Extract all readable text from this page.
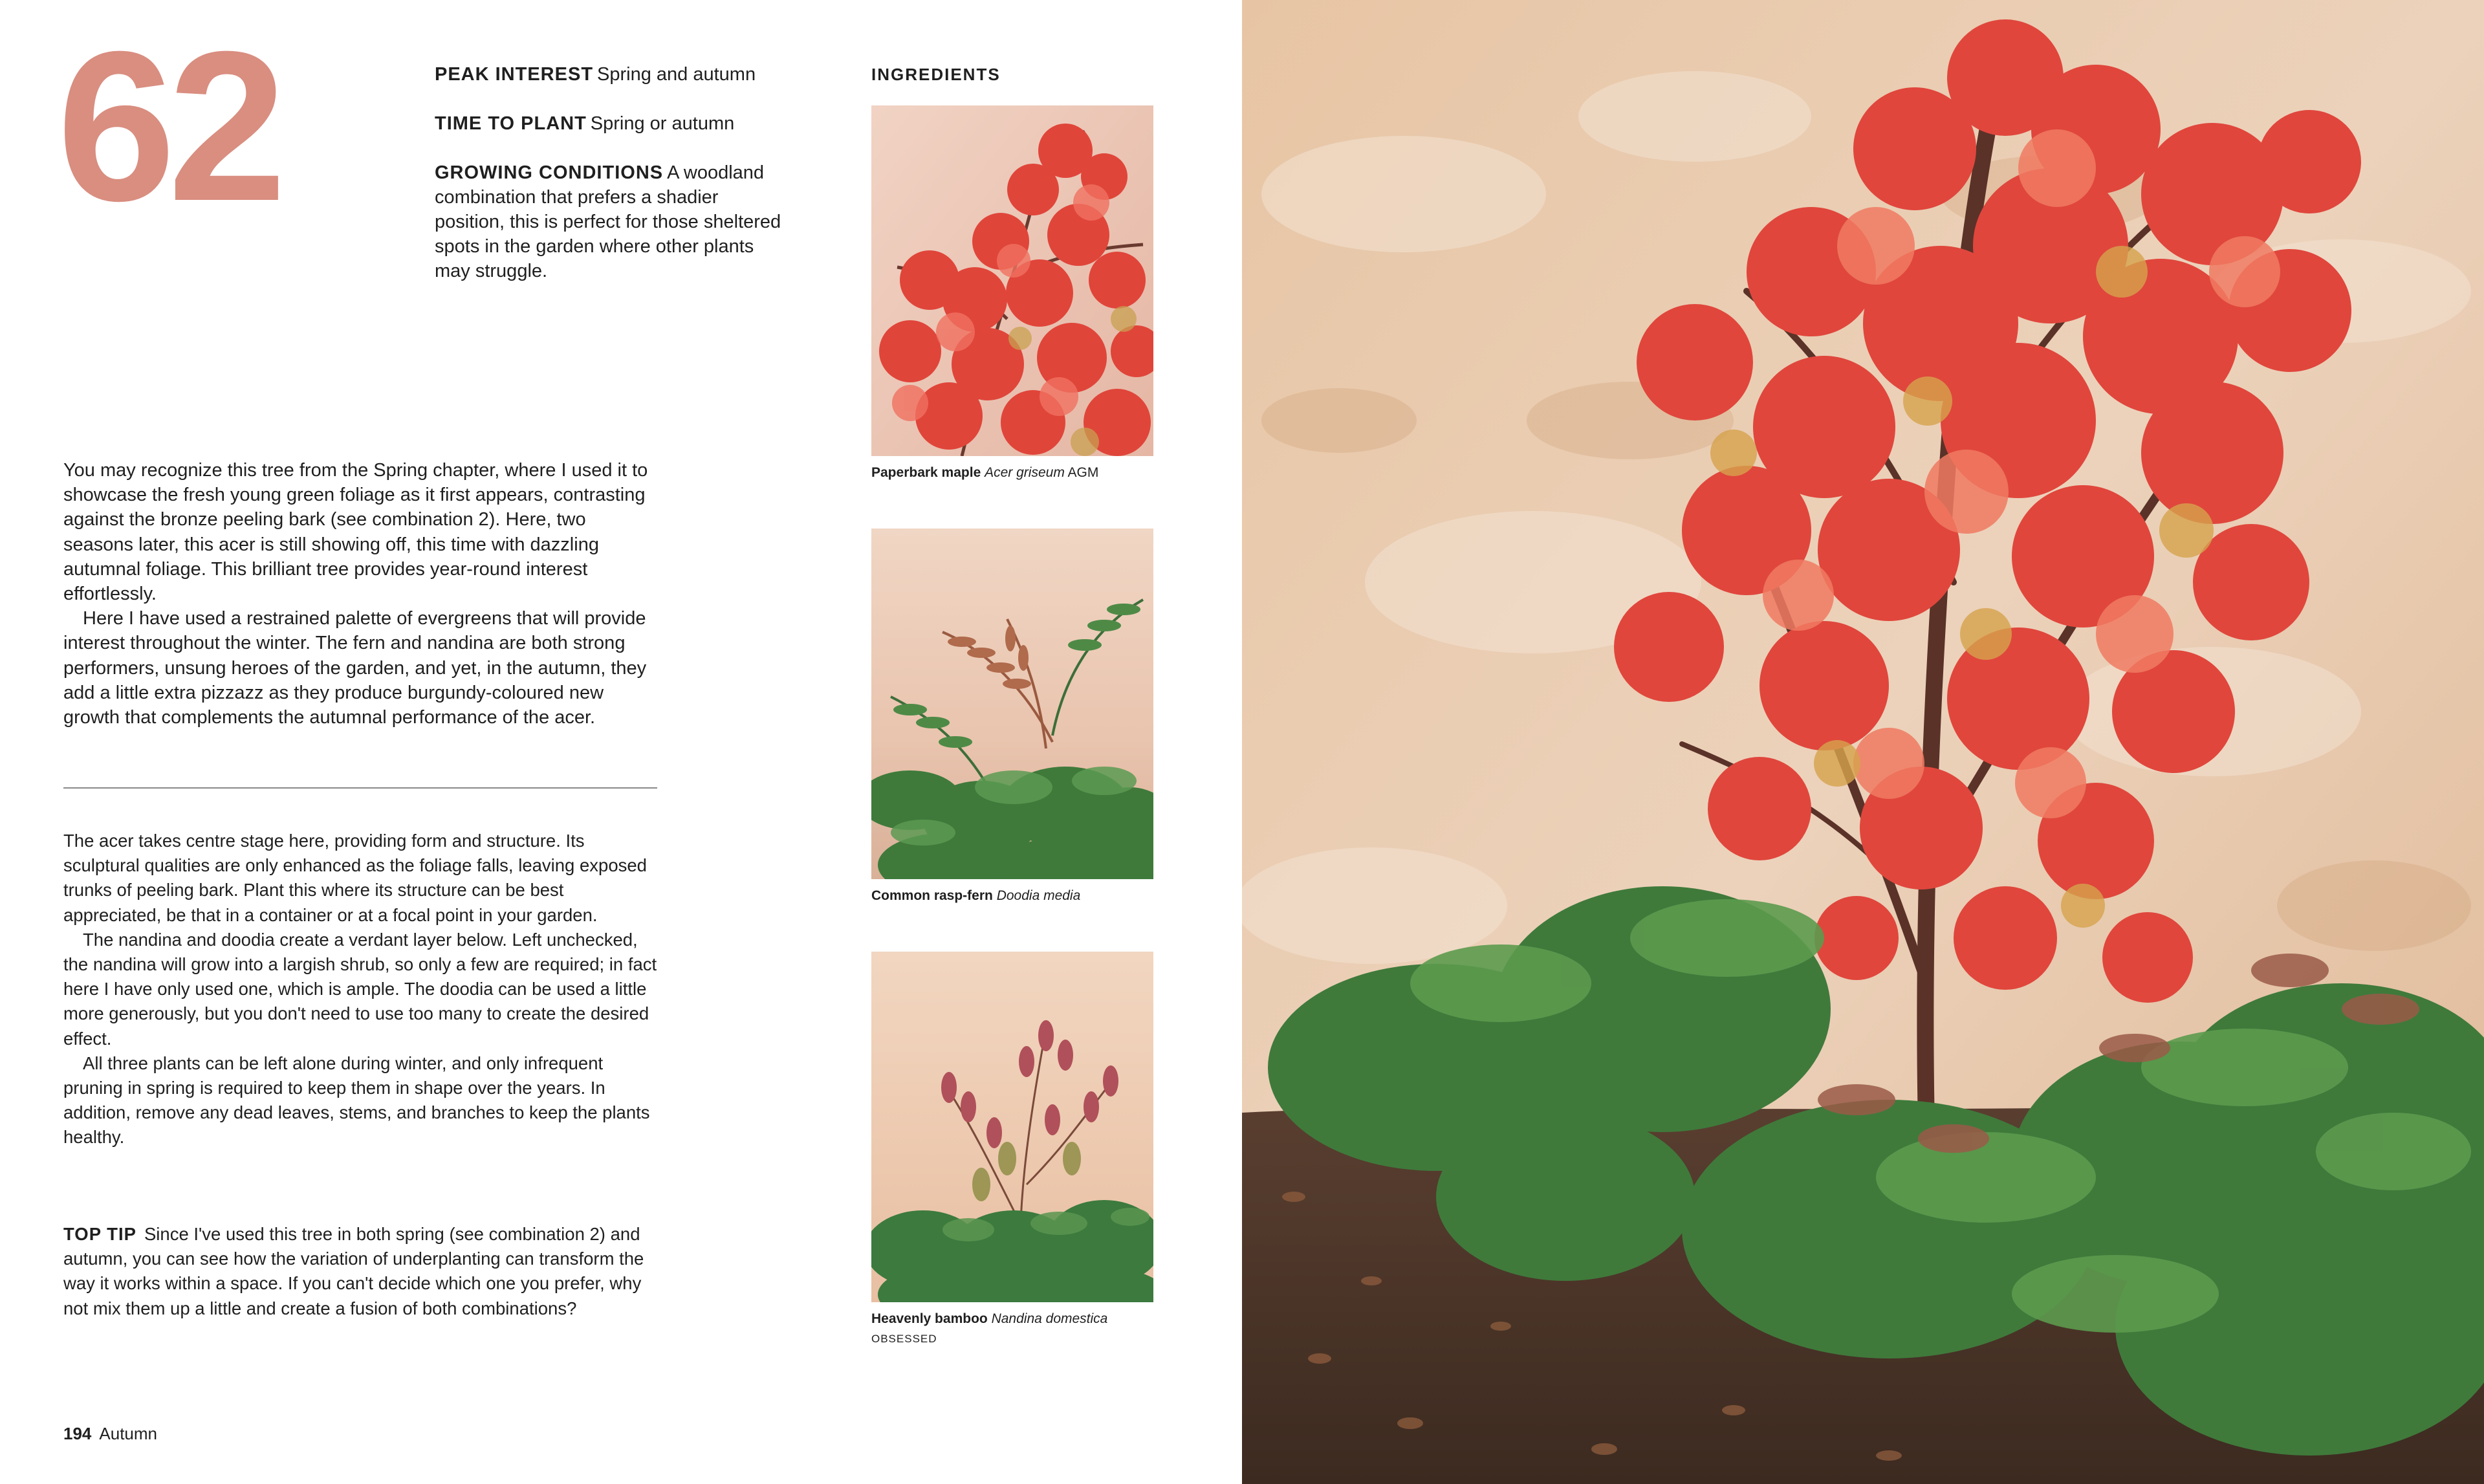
62	PEAK INTEREST Spring and autumn

TIME TO PLANT Spring or autumn

GROWING CONDITIONS A woodland combination that prefers a shadier position, this is perfect for those sheltered spots in the garden where other plants may struggle.

You may recognize this tree from the Spring chapter, where I used it to showcase the fresh young green foliage as it first appears, contrasting against the bronze peeling bark (see combination 2). Here, two seasons later, this acer is still showing off, this time with dazzling autumnal foliage. This brilliant tree provides year-round interest effortlessly.

Here I have used a restrained palette of evergreens that will provide interest throughout the winter. The fern and nandina are both strong performers, unsung heroes of the garden, and yet, in the autumn, they add a little extra pizzazz as they produce burgundy-coloured new growth that complements the autumnal performance of the acer.

The acer takes centre stage here, providing form and structure. Its sculptural qualities are only enhanced as the foliage falls, leaving exposed trunks of peeling bark. Plant this where its structure can be best appreciated, be that in a container or at a focal point in your garden.

The nandina and doodia create a verdant layer below. Left unchecked, the nandina will grow into a largish shrub, so only a few are required; in fact here I have only used one, which is ample. The doodia can be used a little more generously, but you don't need to use too many to create the desired effect.

All three plants can be left alone during winter, and only infrequent pruning in spring is required to keep them in shape over the years. In addition, remove any dead leaves, stems, and branches to keep the plants healthy.

TOP TIP Since I've used this tree in both spring (see combination 2) and autumn, you can see how the variation of underplanting can transform the way it works within a space. If you can't decide which one you prefer, why not mix them up a little and create a fusion of both combinations?
194 Autumn
INGREDIENTS
Paperbark maple Acer griseum AGM
Common rasp-fern Doodia media
Heavenly bamboo Nandina domestica OBSESSED
